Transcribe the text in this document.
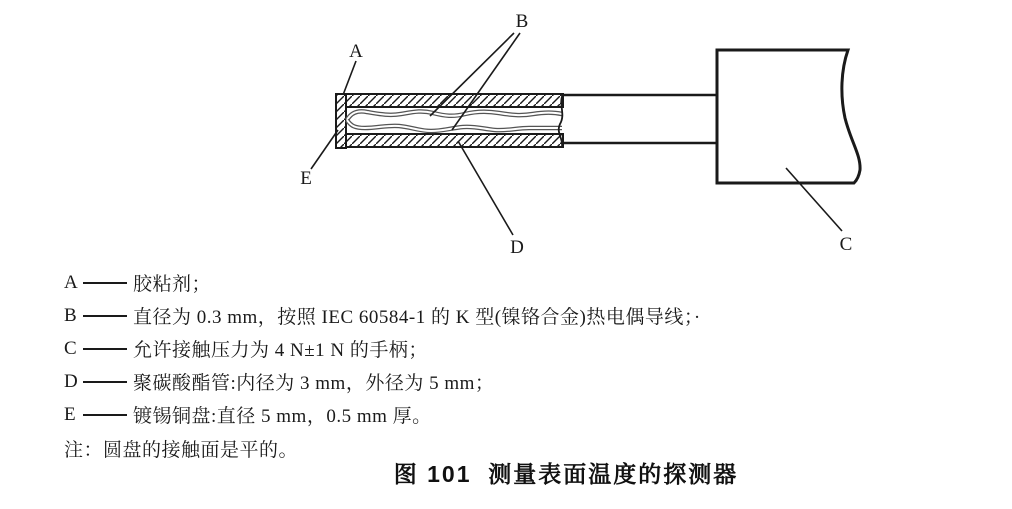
A
B
C
D
E
A	胶粘剂；
B	直径为 0.3 mm，按照 IEC 60584-1 的 K 型(镍铬合金)热电偶导线；·
C	允许接触压力为 4 N±1 N 的手柄；
D	聚碳酸酯管:内径为 3 mm，外径为 5 mm；
E	镀锡铜盘:直径 5 mm，0.5 mm 厚。
注：圆盘的接触面是平的。
图 101  测量表面温度的探测器
